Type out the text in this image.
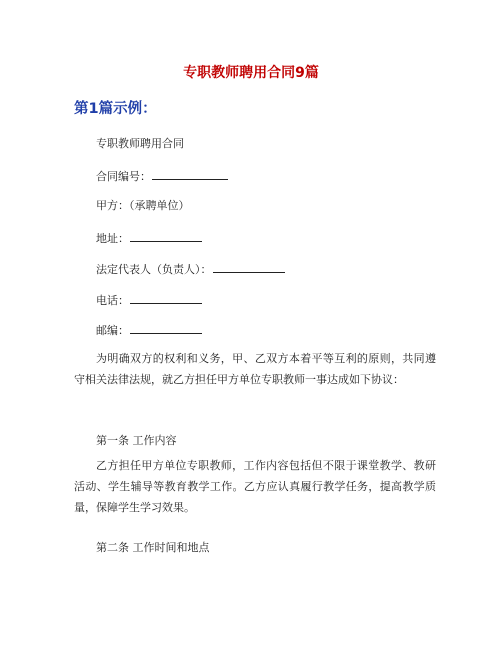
专职教师聘用合同9篇
第1篇示例：
专职教师聘用合同
合同编号：
甲方：（承聘单位）
地址：
法定代表人（负责人）：
电话：
邮编：
为明确双方的权利和义务，甲、乙双方本着平等互利的原则，共同遵守相关法律法规，就乙方担任甲方单位专职教师一事达成如下协议：
第一条 工作内容
乙方担任甲方单位专职教师，工作内容包括但不限于课堂教学、教研活动、学生辅导等教育教学工作。乙方应认真履行教学任务，提高教学质量，保障学生学习效果。
第二条 工作时间和地点
